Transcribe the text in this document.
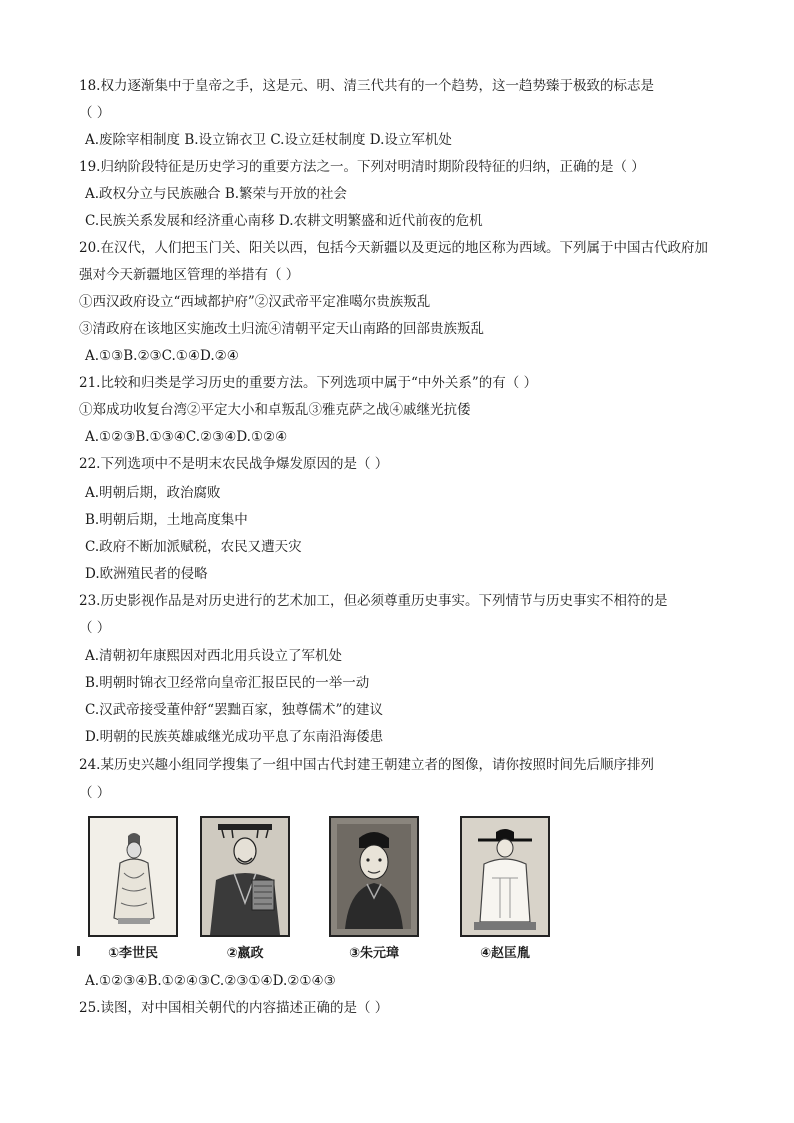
18.权力逐渐集中于皇帝之手，这是元、明、清三代共有的一个趋势，这一趋势臻于极致的标志是
（ ）
A.废除宰相制度 B.设立锦衣卫 C.设立廷杖制度 D.设立军机处
19.归纳阶段特征是历史学习的重要方法之一。下列对明清时期阶段特征的归纳，正确的是（ ）
A.政权分立与民族融合 B.繁荣与开放的社会
C.民族关系发展和经济重心南移 D.农耕文明繁盛和近代前夜的危机
20.在汉代，人们把玉门关、阳关以西，包括今天新疆以及更远的地区称为西域。下列属于中国古代政府加
强对今天新疆地区管理的举措有（ ）
①西汉政府设立“西域都护府”②汉武帝平定准噶尔贵族叛乱
③清政府在该地区实施改土归流④清朝平定天山南路的回部贵族叛乱
A.①③B.②③C.①④D.②④
21.比较和归类是学习历史的重要方法。下列选项中属于“中外关系”的有（ ）
①郑成功收复台湾②平定大小和卓叛乱③雅克萨之战④戚继光抗倭
A.①②③B.①③④C.②③④D.①②④
22.下列选项中不是明末农民战争爆发原因的是（ ）
A.明朝后期，政治腐败
B.明朝后期，土地高度集中
C.政府不断加派赋税，农民又遭天灾
D.欧洲殖民者的侵略
23.历史影视作品是对历史进行的艺术加工，但必须尊重历史事实。下列情节与历史事实不相符的是
（ ）
A.清朝初年康熙因对西北用兵设立了军机处
B.明朝时锦衣卫经常向皇帝汇报臣民的一举一动
C.汉武帝接受董仲舒“罢黜百家，独尊儒术”的建议
D.明朝的民族英雄戚继光成功平息了东南沿海倭患
24.某历史兴趣小组同学搜集了一组中国古代封建王朝建立者的图像，请你按照时间先后顺序排列
（ ）
①李世民	②嬴政	③朱元璋	④赵匡胤
A.①②③④B.①②④③C.②③①④D.②①④③
25.读图，对中国相关朝代的内容描述正确的是（ ）
